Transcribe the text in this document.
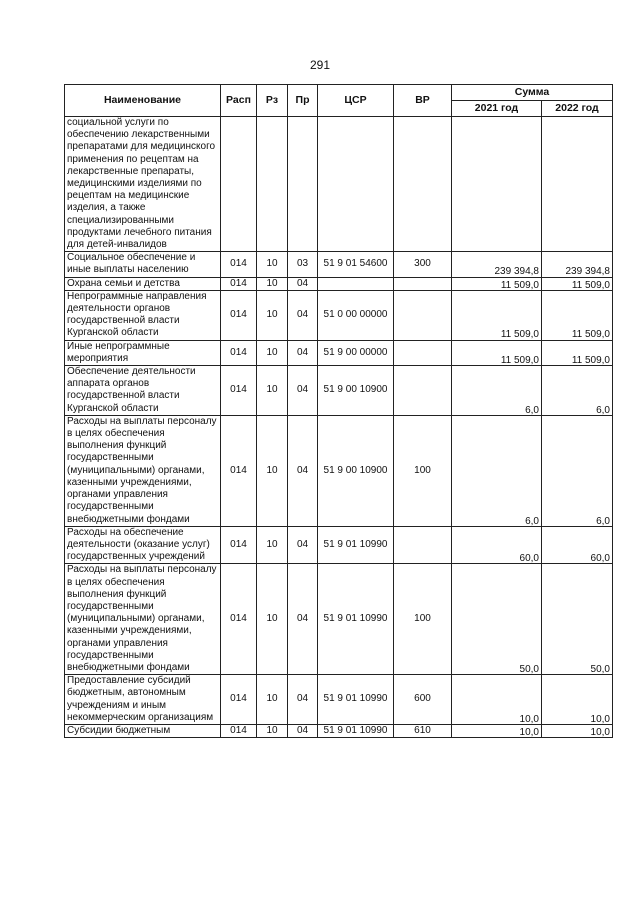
291
Наименование	Расп	Рз	Пр	ЦСР	ВР	Сумма	
						2021 год	2022 год
социальной услуги по обеспечению лекарственными препаратами для медицинского применения по рецептам на лекарственные препараты, медицинскими изделиями по рецептам на медицинские изделия, а также специализированными продуктами лечебного питания для детей-инвалидов							
Социальное обеспечение и иные выплаты населению	014	10	03	51 9 01 54600	300	239 394,8	239 394,8
Охрана семьи и детства	014	10	04			11 509,0	11 509,0
Непрограммные направления деятельности органов государственной власти Курганской области	014	10	04	51 0 00 00000		11 509,0	11 509,0
Иные непрограммные мероприятия	014	10	04	51 9 00 00000		11 509,0	11 509,0
Обеспечение деятельности аппарата органов государственной власти Курганской области	014	10	04	51 9 00 10900		6,0	6,0
Расходы на выплаты персоналу в целях обеспечения выполнения функций государственными (муниципальными) органами, казенными учреждениями, органами управления государственными внебюджетными фондами	014	10	04	51 9 00 10900	100	6,0	6,0
Расходы на обеспечение деятельности (оказание услуг) государственных учреждений	014	10	04	51 9 01 10990		60,0	60,0
Расходы на выплаты персоналу в целях обеспечения выполнения функций государственными (муниципальными) органами, казенными учреждениями, органами управления государственными внебюджетными фондами	014	10	04	51 9 01 10990	100	50,0	50,0
Предоставление субсидий бюджетным, автономным учреждениям и иным некоммерческим организациям	014	10	04	51 9 01 10990	600	10,0	10,0
Субсидии бюджетным	014	10	04	51 9 01 10990	610	10,0	10,0
